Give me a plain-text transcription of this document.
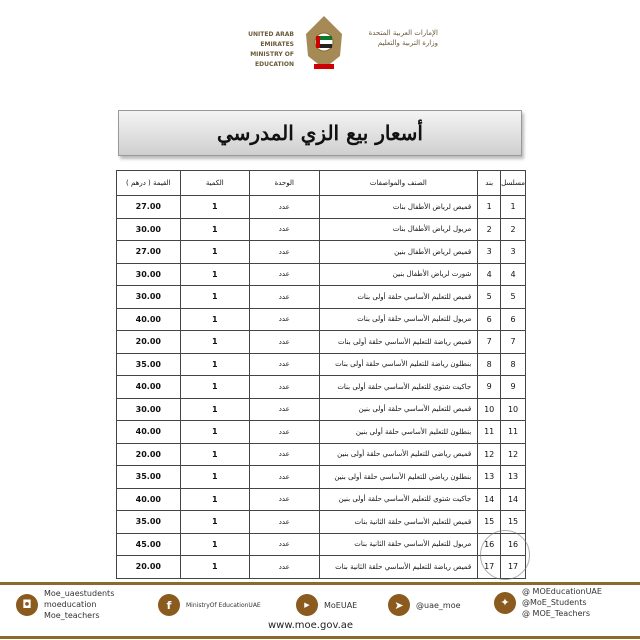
UNITED ARAB EMIRATES
MINISTRY OF EDUCATION
الإمارات العربية المتحدة
وزارة التربية والتعليم
أسعار بيع الزي المدرسي
القيمة ( درهم )	الكمية	الوحدة	الصنف والمواصفات	بند	مسلسل
27.00	1	عدد	قميص لرياض الأطفال بنات	1	1
30.00	1	عدد	مريول لرياض الأطفال بنات	2	2
27.00	1	عدد	قميص لرياض الأطفال بنين	3	3
30.00	1	عدد	شورت لرياض الأطفال بنين	4	4
30.00	1	عدد	قميص للتعليم الأساسي حلقة أولى بنات	5	5
40.00	1	عدد	مريول للتعليم الأساسي حلقة أولى بنات	6	6
20.00	1	عدد	قميص رياضة للتعليم الأساسي حلقة أولى بنات	7	7
35.00	1	عدد	بنطلون رياضة للتعليم الأساسي حلقة أولى بنات	8	8
40.00	1	عدد	جاكيت شتوي للتعليم الأساسي حلقة أولى بنات	9	9
30.00	1	عدد	قميص للتعليم الأساسي حلقة أولى بنين	10	10
40.00	1	عدد	بنطلون للتعليم الأساسي حلقة أولى بنين	11	11
20.00	1	عدد	قميص رياضي للتعليم الأساسي حلقة أولى بنين	12	12
35.00	1	عدد	بنطلون رياضي للتعليم الأساسي حلقة أولى بنين	13	13
40.00	1	عدد	جاكيت شتوي للتعليم الأساسي حلقة أولى بنين	14	14
35.00	1	عدد	قميص للتعليم الأساسي حلقة الثانية بنات	15	15
45.00	1	عدد	مريول للتعليم الأساسي حلقة الثانية بنات	16	16
20.00	1	عدد	قميص رياضة للتعليم الأساسي حلقة الثانية بنات	17	17
◘
Moe_uaestudents
moeducation
Moe_teachers
f	MinistryOf EducationUAE	▶	MoEUAE	➤	@uae_moe	✦
@ MOEducationUAE
@MoE_Students
@ MOE_Teachers
www.moe.gov.ae
